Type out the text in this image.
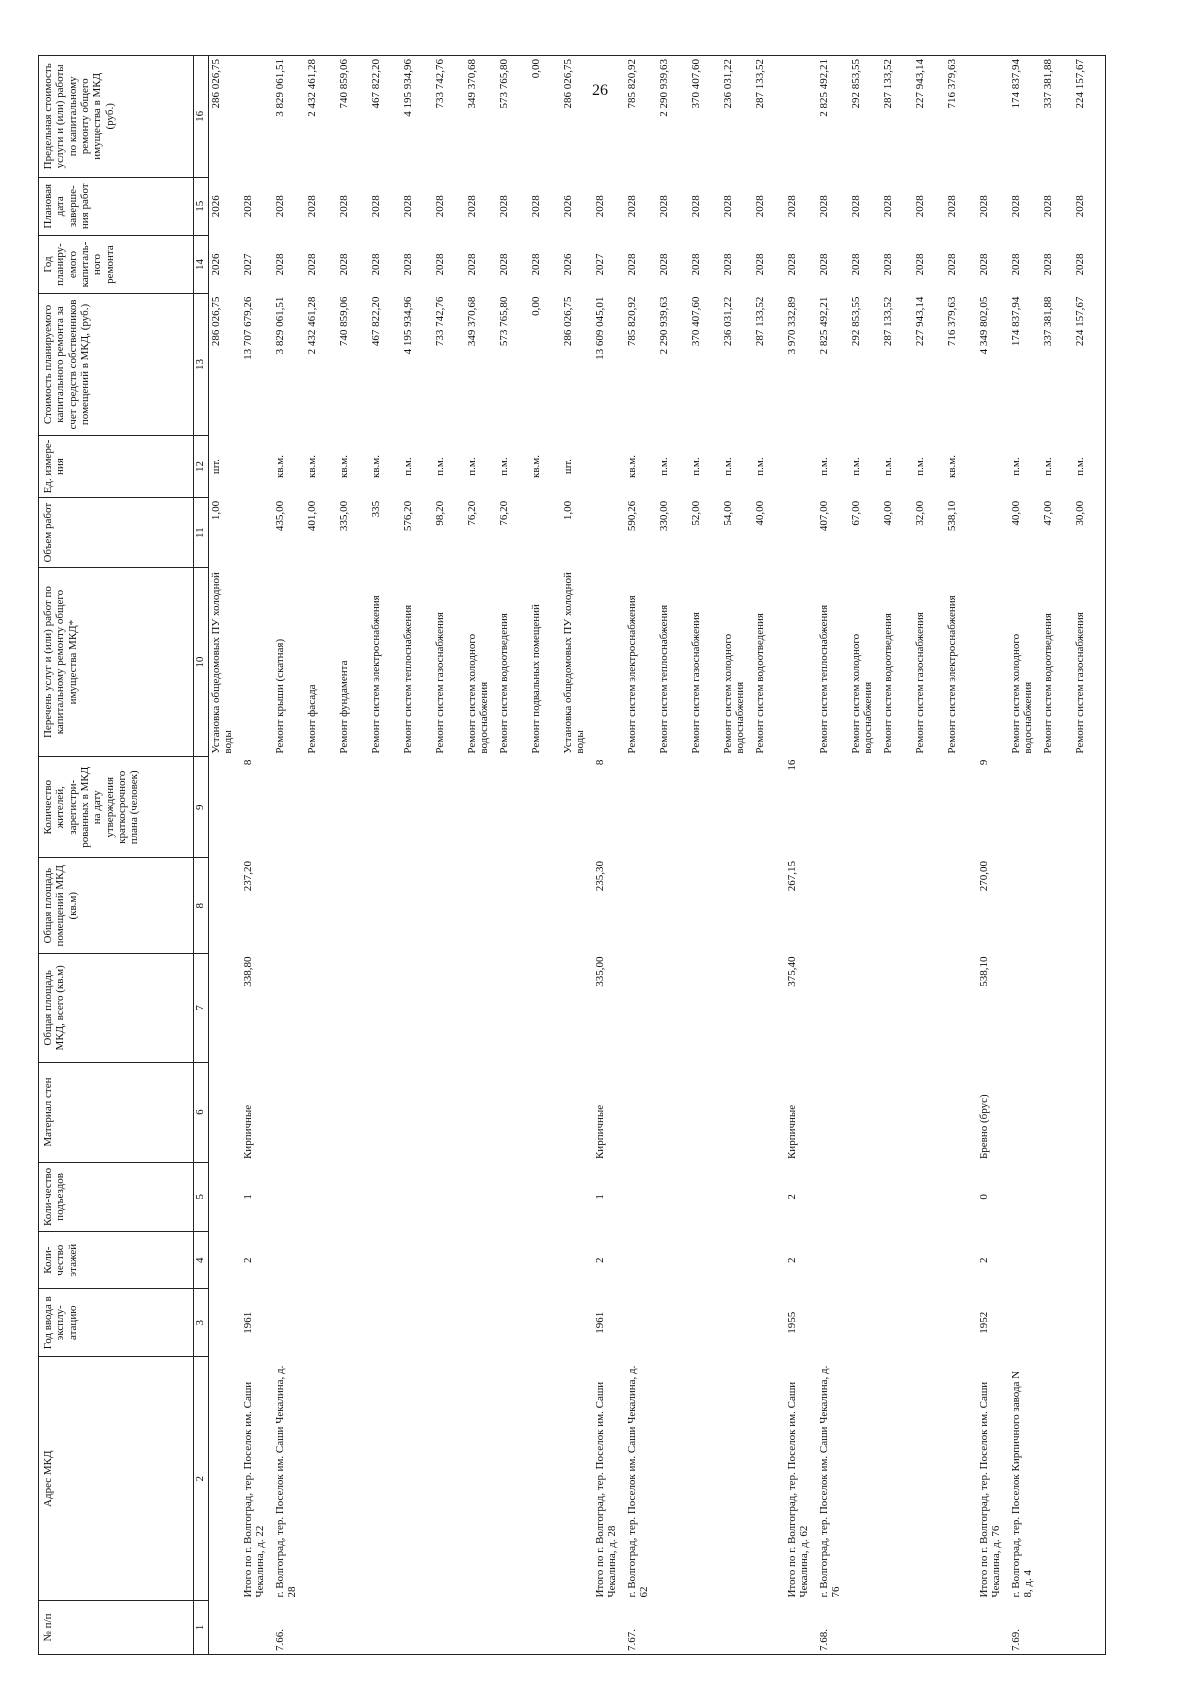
26
№ п/п	Адрес МКД	Год ввода в эксплу-атацию	Коли-чество этажей	Коли-чество подъездов	Материал стен	Общая площадь МКД, всего (кв.м)	Общая площадь помещений МКД (кв.м)	Количество жителей, зарегистри-рованных в МКД на дату утверждения краткосрочного плана (человек)	Перечень услуг и (или) работ по капитальному ремонту общего имущества МКД*	Объем работ	Ед. измере-ния	Стоимость планируемого капитального ремонта за счет средств собственников помещений в МКД, (руб.)	Год планиру-емого капиталь-ного ремонта	Плановая дата заверше-ния работ	Предельная стоимость услуги и (или) работы по капитальному ремонту общего имущества в МКД (руб.)
1	2	3	4	5	6	7	8	9	10	11	12	13	14	15	16
									Установка общедомовых ПУ холодной воды	1,00	шт.	286 026,75	2026	2026	286 026,75
	Итого по г. Волгоград, тер. Поселок им. Саши Чекалина, д. 22	1961	2	1	Кирпичные	338,80	237,20	8				13 707 679,26	2027	2028	
7.66.	г. Волгоград, тер. Поселок им. Саши Чекалина, д. 28								Ремонт крыши (скатная)	435,00	кв.м.	3 829 061,51	2028	2028	3 829 061,51
									Ремонт фасада	401,00	кв.м.	2 432 461,28	2028	2028	2 432 461,28
									Ремонт фундамента	335,00	кв.м.	740 859,06	2028	2028	740 859,06
									Ремонт систем электроснабжения	335	кв.м.	467 822,20	2028	2028	467 822,20
									Ремонт систем теплоснабжения	576,20	п.м.	4 195 934,96	2028	2028	4 195 934,96
									Ремонт систем газоснабжения	98,20	п.м.	733 742,76	2028	2028	733 742,76
									Ремонт систем холодного водоснабжения	76,20	п.м.	349 370,68	2028	2028	349 370,68
									Ремонт систем водоотведения	76,20	п.м.	573 765,80	2028	2028	573 765,80
									Ремонт подвальных помещений		кв.м.	0,00	2028	2028	0,00
									Установка общедомовых ПУ холодной воды	1,00	шт.	286 026,75	2026	2026	286 026,75
	Итого по г. Волгоград, тер. Поселок им. Саши Чекалина, д. 28	1961	2	1	Кирпичные	335,00	235,30	8				13 609 045,01	2027	2028	
7.67.	г. Волгоград, тер. Поселок им. Саши Чекалина, д. 62								Ремонт систем электроснабжения	590,26	кв.м.	785 820,92	2028	2028	785 820,92
									Ремонт систем теплоснабжения	330,00	п.м.	2 290 939,63	2028	2028	2 290 939,63
									Ремонт систем газоснабжения	52,00	п.м.	370 407,60	2028	2028	370 407,60
									Ремонт систем холодного водоснабжения	54,00	п.м.	236 031,22	2028	2028	236 031,22
									Ремонт систем водоотведения	40,00	п.м.	287 133,52	2028	2028	287 133,52
	Итого по г. Волгоград, тер. Поселок им. Саши Чекалина, д. 62	1955	2	2	Кирпичные	375,40	267,15	16				3 970 332,89	2028	2028	
7.68.	г. Волгоград, тер. Поселок им. Саши Чекалина, д. 76								Ремонт систем теплоснабжения	407,00	п.м.	2 825 492,21	2028	2028	2 825 492,21
									Ремонт систем холодного водоснабжения	67,00	п.м.	292 853,55	2028	2028	292 853,55
									Ремонт систем водоотведения	40,00	п.м.	287 133,52	2028	2028	287 133,52
									Ремонт систем газоснабжения	32,00	п.м.	227 943,14	2028	2028	227 943,14
									Ремонт систем электроснабжения	538,10	кв.м.	716 379,63	2028	2028	716 379,63
	Итого по г. Волгоград, тер. Поселок им. Саши Чекалина, д. 76	1952	2	0	Бревно (брус)	538,10	270,00	9				4 349 802,05	2028	2028	
7.69.	г. Волгоград, тер. Поселок Кирпичного завода N 8, д. 4								Ремонт систем холодного водоснабжения	40,00	п.м.	174 837,94	2028	2028	174 837,94
									Ремонт систем водоотведения	47,00	п.м.	337 381,88	2028	2028	337 381,88
									Ремонт систем газоснабжения	30,00	п.м.	224 157,67	2028	2028	224 157,67
